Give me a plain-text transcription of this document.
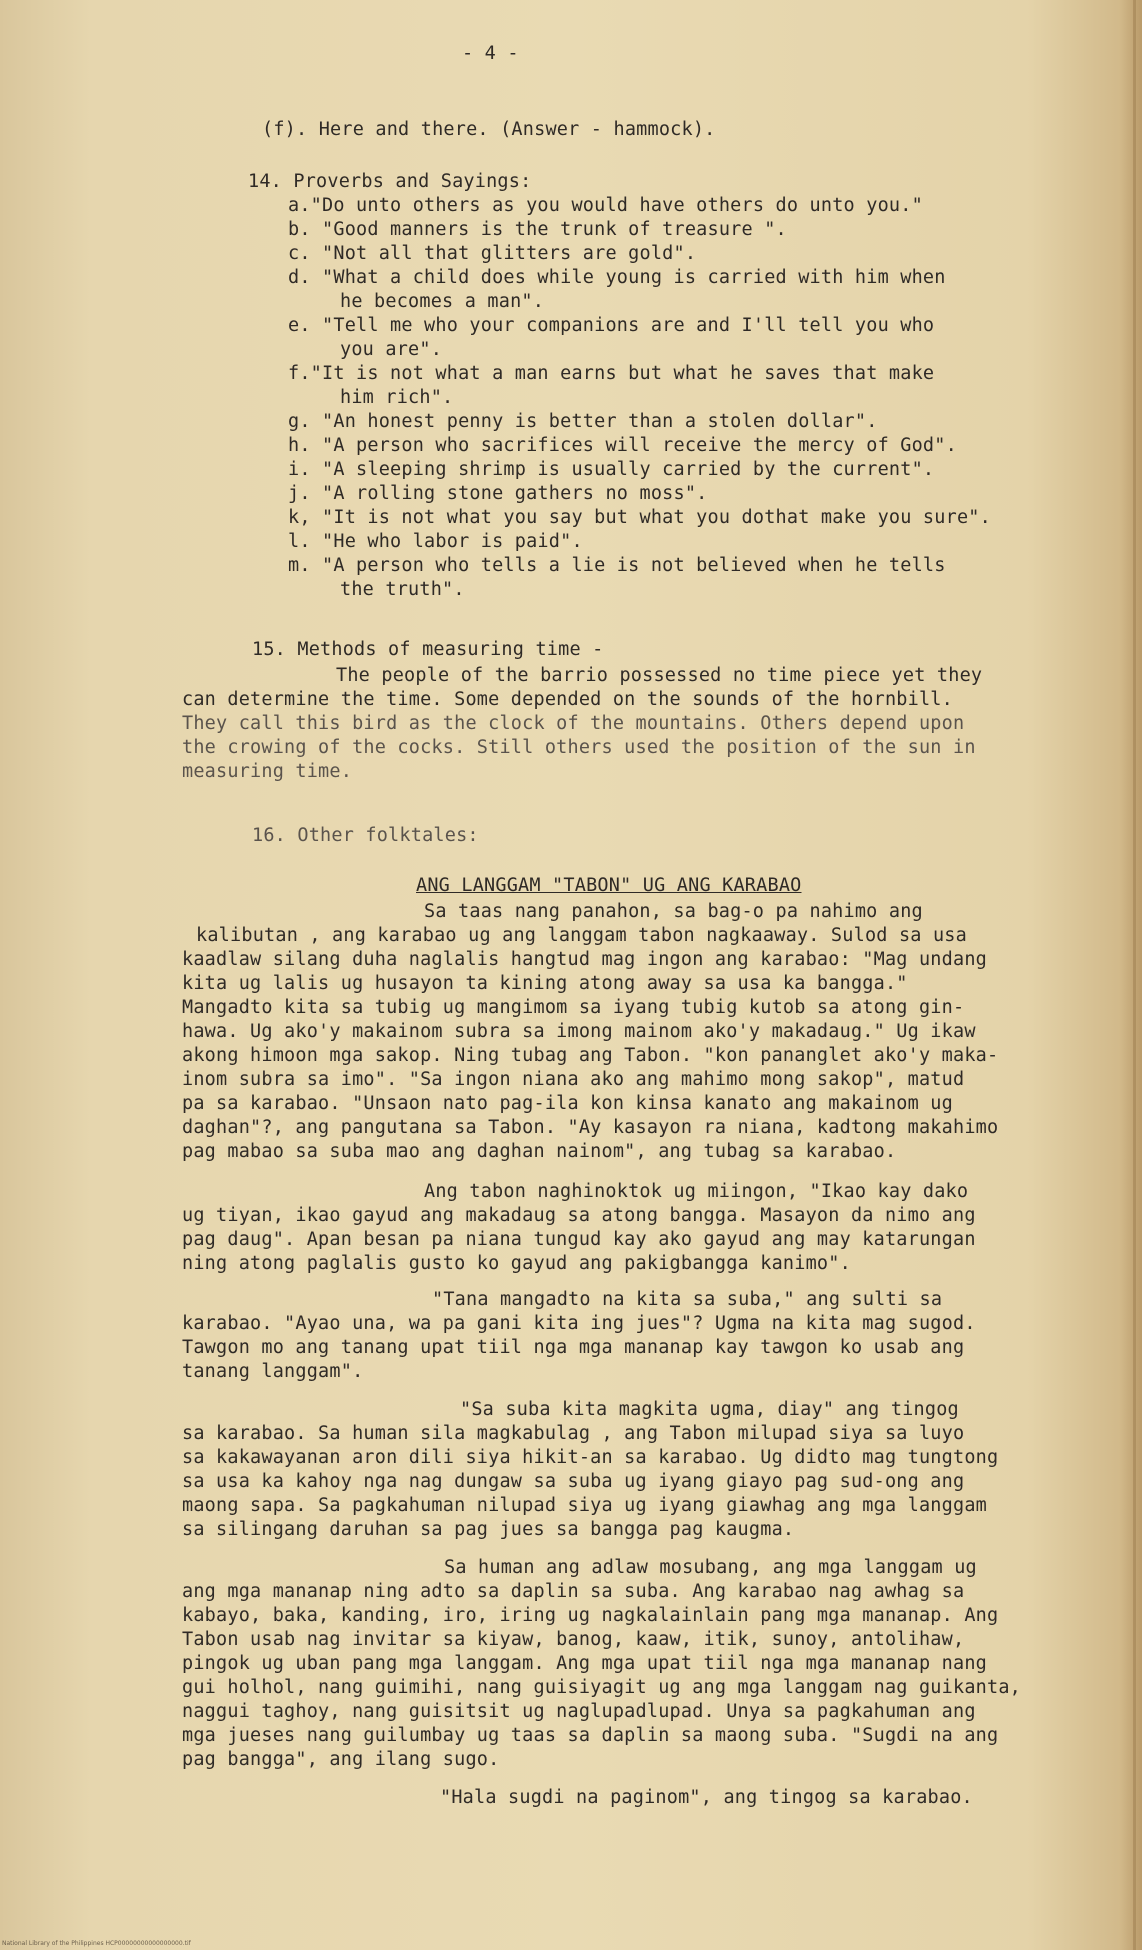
- 4 -
(f). Here and there. (Answer - hammock).
14. Proverbs and Sayings:
a."Do unto others as you would have others do unto you."
b. "Good manners is the trunk of treasure ".
c. "Not all that glitters are gold".
d. "What a child does while young is carried with him when
he becomes a man".
e. "Tell me who your companions are and I'll tell you who
you are".
f."It is not what a man earns but what he saves that make
him rich".
g. "An honest penny is better than a stolen dollar".
h. "A person who sacrifices will receive the mercy of God".
i. "A sleeping shrimp is usually carried by the current".
j. "A rolling stone gathers no moss".
k, "It is not what you say but what you dothat make you sure".
l. "He who labor is paid".
m. "A person who tells a lie is not believed when he tells
the truth".
15. Methods of measuring time -
The people of the barrio possessed no time piece yet they
can determine the time. Some depended on the sounds of the hornbill.
They call this bird as the clock of the mountains. Others depend upon
the crowing of the cocks. Still others used the position of the sun in
measuring time.
16. Other folktales:
ANG LANGGAM "TABON" UG ANG KARABAO
Sa taas nang panahon, sa bag-o pa nahimo ang
kalibutan , ang karabao ug ang langgam tabon nagkaaway. Sulod sa usa
kaadlaw silang duha naglalis hangtud mag ingon ang karabao: "Mag undang
kita ug lalis ug husayon ta kining atong away sa usa ka bangga."
Mangadto kita sa tubig ug mangimom sa iyang tubig kutob sa atong gin-
hawa. Ug ako'y makainom subra sa imong mainom ako'y makadaug." Ug ikaw
akong himoon mga sakop. Ning tubag ang Tabon. "kon pananglet ako'y maka-
inom subra sa imo". "Sa ingon niana ako ang mahimo mong sakop", matud
pa sa karabao. "Unsaon nato pag-ila kon kinsa kanato ang makainom ug
daghan"?, ang pangutana sa Tabon. "Ay kasayon ra niana, kadtong makahimo
pag mabao sa suba mao ang daghan nainom", ang tubag sa karabao.
Ang tabon naghinoktok ug miingon, "Ikao kay dako
ug tiyan, ikao gayud ang makadaug sa atong bangga. Masayon da nimo ang
pag daug". Apan besan pa niana tungud kay ako gayud ang may katarungan
ning atong paglalis gusto ko gayud ang pakigbangga kanimo".
"Tana mangadto na kita sa suba," ang sulti sa
karabao. "Ayao una, wa pa gani kita ing jues"? Ugma na kita mag sugod.
Tawgon mo ang tanang upat tiil nga mga mananap kay tawgon ko usab ang
tanang langgam".
"Sa suba kita magkita ugma, diay" ang tingog
sa karabao. Sa human sila magkabulag , ang Tabon milupad siya sa luyo
sa kakawayanan aron dili siya hikit-an sa karabao. Ug didto mag tungtong
sa usa ka kahoy nga nag dungaw sa suba ug iyang giayo pag sud-ong ang
maong sapa. Sa pagkahuman nilupad siya ug iyang giawhag ang mga langgam
sa silingang daruhan sa pag jues sa bangga pag kaugma.
Sa human ang adlaw mosubang, ang mga langgam ug
ang mga mananap ning adto sa daplin sa suba. Ang karabao nag awhag sa
kabayo, baka, kanding, iro, iring ug nagkalainlain pang mga mananap. Ang
Tabon usab nag invitar sa kiyaw, banog, kaaw, itik, sunoy, antolihaw,
pingok ug uban pang mga langgam. Ang mga upat tiil nga mga mananap nang
gui holhol, nang guimihi, nang guisiyagit ug ang mga langgam nag guikanta,
naggui taghoy, nang guisitsit ug naglupadlupad. Unya sa pagkahuman ang
mga jueses nang guilumbay ug taas sa daplin sa maong suba. "Sugdi na ang
pag bangga", ang ilang sugo.
"Hala sugdi na paginom", ang tingog sa karabao.
National Library of the Philippines HCP00000000000000000.tif
